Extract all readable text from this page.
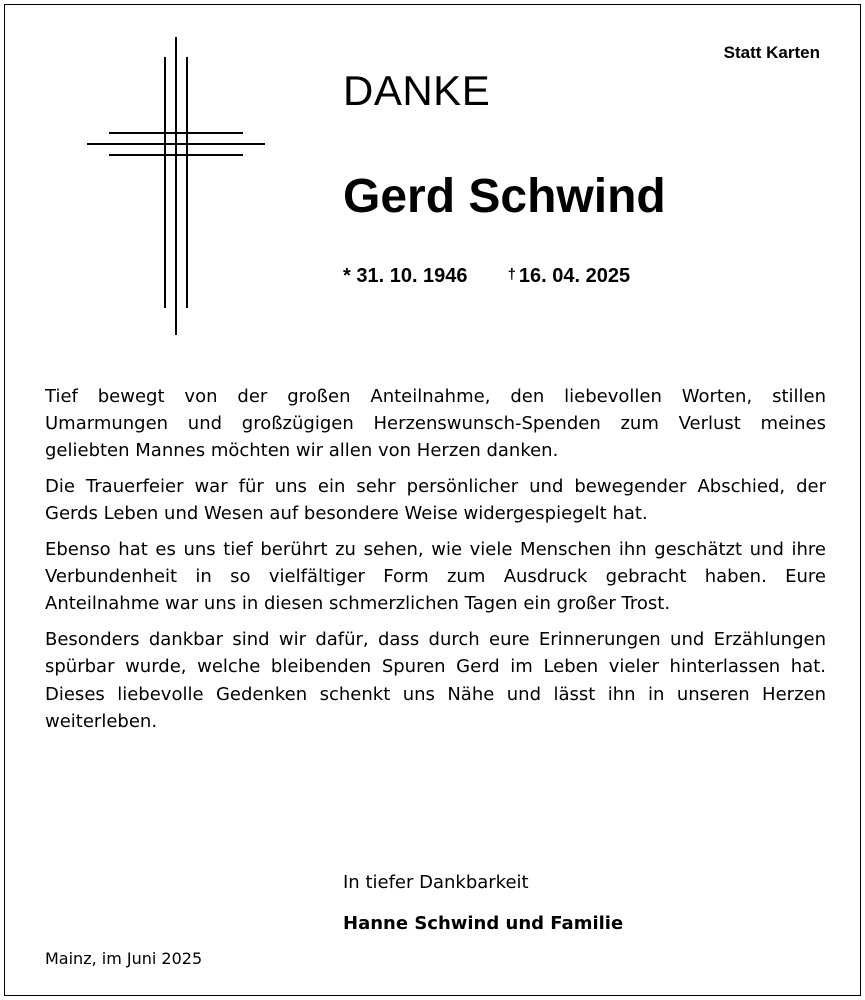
Statt Karten
DANKE
Gerd Schwind
* 31. 10. 1946	† 16. 04. 2025

Tief bewegt von der großen Anteilnahme, den liebevollen Worten, stillen Umarmungen und großzügigen Herzenswunsch-Spenden zum Verlust meines geliebten Mannes möchten wir allen von Herzen danken.

Die Trauerfeier war für uns ein sehr persönlicher und bewegender Abschied, der Gerds Leben und Wesen auf besondere Weise widergespiegelt hat.

Ebenso hat es uns tief berührt zu sehen, wie viele Menschen ihn geschätzt und ihre Verbundenheit in so vielfältiger Form zum Ausdruck gebracht haben. Eure Anteilnahme war uns in diesen schmerzlichen Tagen ein großer Trost.

Besonders dankbar sind wir dafür, dass durch eure Erinnerungen und Erzählungen spürbar wurde, welche bleibenden Spuren Gerd im Leben vieler hinterlassen hat. Dieses liebevolle Gedenken schenkt uns Nähe und lässt ihn in unseren Herzen weiterleben.

In tiefer Dankbarkeit
Hanne Schwind und Familie
Mainz, im Juni 2025
